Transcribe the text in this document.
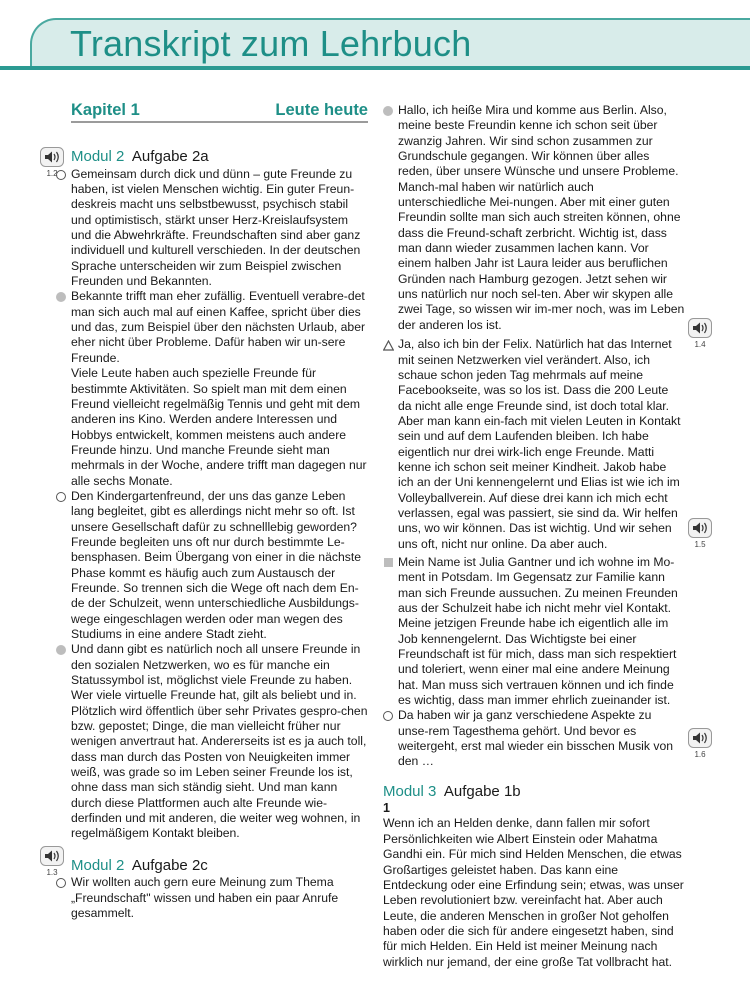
Transkript zum Lehrbuch
1.2
1.3
1.4
1.5
1.6
Kapitel 1	Leute heute
Modul 2 Aufgabe 2a

Gemeinsam durch dick und dünn – gute Freunde zu haben, ist vielen Menschen wichtig. Ein guter Freun-deskreis macht uns selbstbewusst, psychisch stabil und optimistisch, stärkt unser Herz-Kreislaufsystem und die Abwehrkräfte. Freundschaften sind aber ganz individuell und kulturell verschieden. In der deutschen Sprache unterscheiden wir zum Beispiel zwischen Freunden und Bekannten.

Bekannte trifft man eher zufällig. Eventuell verabre-det man sich auch mal auf einen Kaffee, spricht über dies und das, zum Beispiel über den nächsten Urlaub, aber eher nicht über Probleme. Dafür haben wir un-sere Freunde.

Viele Leute haben auch spezielle Freunde für bestimmte Aktivitäten. So spielt man mit dem einen Freund vielleicht regelmäßig Tennis und geht mit dem anderen ins Kino. Werden andere Interessen und Hobbys entwickelt, kommen meistens auch andere Freunde hinzu. Und manche Freunde sieht man mehrmals in der Woche, andere trifft man dagegen nur alle sechs Monate.

Den Kindergartenfreund, der uns das ganze Leben lang begleitet, gibt es allerdings nicht mehr so oft. Ist unsere Gesellschaft dafür zu schnelllebig geworden? Freunde begleiten uns oft nur durch bestimmte Le-bensphasen. Beim Übergang von einer in die nächste Phase kommt es häufig auch zum Austausch der Freunde. So trennen sich die Wege oft nach dem En-de der Schulzeit, wenn unterschiedliche Ausbildungs-wege eingeschlagen werden oder man wegen des Studiums in eine andere Stadt zieht.

Und dann gibt es natürlich noch all unsere Freunde in den sozialen Netzwerken, wo es für manche ein Statussymbol ist, möglichst viele Freunde zu haben. Wer viele virtuelle Freunde hat, gilt als beliebt und in. Plötzlich wird öffentlich über sehr Privates gespro-chen bzw. gepostet; Dinge, die man vielleicht früher nur wenigen anvertraut hat. Andererseits ist es ja auch toll, dass man durch das Posten von Neuigkeiten immer weiß, was grade so im Leben seiner Freunde los ist, ohne dass man sich ständig sieht. Und man kann durch diese Plattformen auch alte Freunde wie-derfinden und mit anderen, die weiter weg wohnen, in regelmäßigem Kontakt bleiben.

Modul 2 Aufgabe 2c

Wir wollten auch gern eure Meinung zum Thema „Freundschaft" wissen und haben ein paar Anrufe gesammelt.

Hallo, ich heiße Mira und komme aus Berlin. Also, meine beste Freundin kenne ich schon seit über zwanzig Jahren. Wir sind schon zusammen zur Grundschule gegangen. Wir können über alles reden, über unsere Wünsche und unsere Probleme. Manch-mal haben wir natürlich auch unterschiedliche Mei-nungen. Aber mit einer guten Freundin sollte man sich auch streiten können, ohne dass die Freund-schaft zerbricht. Wichtig ist, dass man dann wieder zusammen lachen kann. Vor einem halben Jahr ist Laura leider aus beruflichen Gründen nach Hamburg gezogen. Jetzt sehen wir uns natürlich nur noch sel-ten. Aber wir skypen alle zwei Tage, so wissen wir im-mer noch, was im Leben der anderen los ist.

Ja, also ich bin der Felix. Natürlich hat das Internet mit seinen Netzwerken viel verändert. Also, ich schaue schon jeden Tag mehrmals auf meine Facebookseite, was so los ist. Dass die 200 Leute da nicht alle enge Freunde sind, ist doch total klar. Aber man kann ein-fach mit vielen Leuten in Kontakt sein und auf dem Laufenden bleiben. Ich habe eigentlich nur drei wirk-lich enge Freunde. Matti kenne ich schon seit meiner Kindheit. Jakob habe ich an der Uni kennengelernt und Elias ist wie ich im Volleyballverein. Auf diese drei kann ich mich echt verlassen, egal was passiert, sie sind da. Wir helfen uns, wo wir können. Das ist wichtig. Und wir sehen uns oft, nicht nur online. Da aber auch.

Mein Name ist Julia Gantner und ich wohne im Mo-ment in Potsdam. Im Gegensatz zur Familie kann man sich Freunde aussuchen. Zu meinen Freunden aus der Schulzeit habe ich nicht mehr viel Kontakt. Meine jetzigen Freunde habe ich eigentlich alle im Job kennengelernt. Das Wichtigste bei einer Freundschaft ist für mich, dass man sich respektiert und toleriert, wenn einer mal eine andere Meinung hat. Man muss sich vertrauen können und ich finde es wichtig, dass man immer ehrlich zueinander ist.

Da haben wir ja ganz verschiedene Aspekte zu unse-rem Tagesthema gehört. Und bevor es weitergeht, erst mal wieder ein bisschen Musik von den …

Modul 3 Aufgabe 1b
1

Wenn ich an Helden denke, dann fallen mir sofort Persönlichkeiten wie Albert Einstein oder Mahatma Gandhi ein. Für mich sind Helden Menschen, die etwas Großartiges geleistet haben. Das kann eine Entdeckung oder eine Erfindung sein; etwas, was unser Leben revolutioniert bzw. vereinfacht hat. Aber auch Leute, die anderen Menschen in großer Not geholfen haben oder die sich für andere eingesetzt haben, sind für mich Helden. Ein Held ist meiner Meinung nach wirklich nur jemand, der eine große Tat vollbracht hat.
